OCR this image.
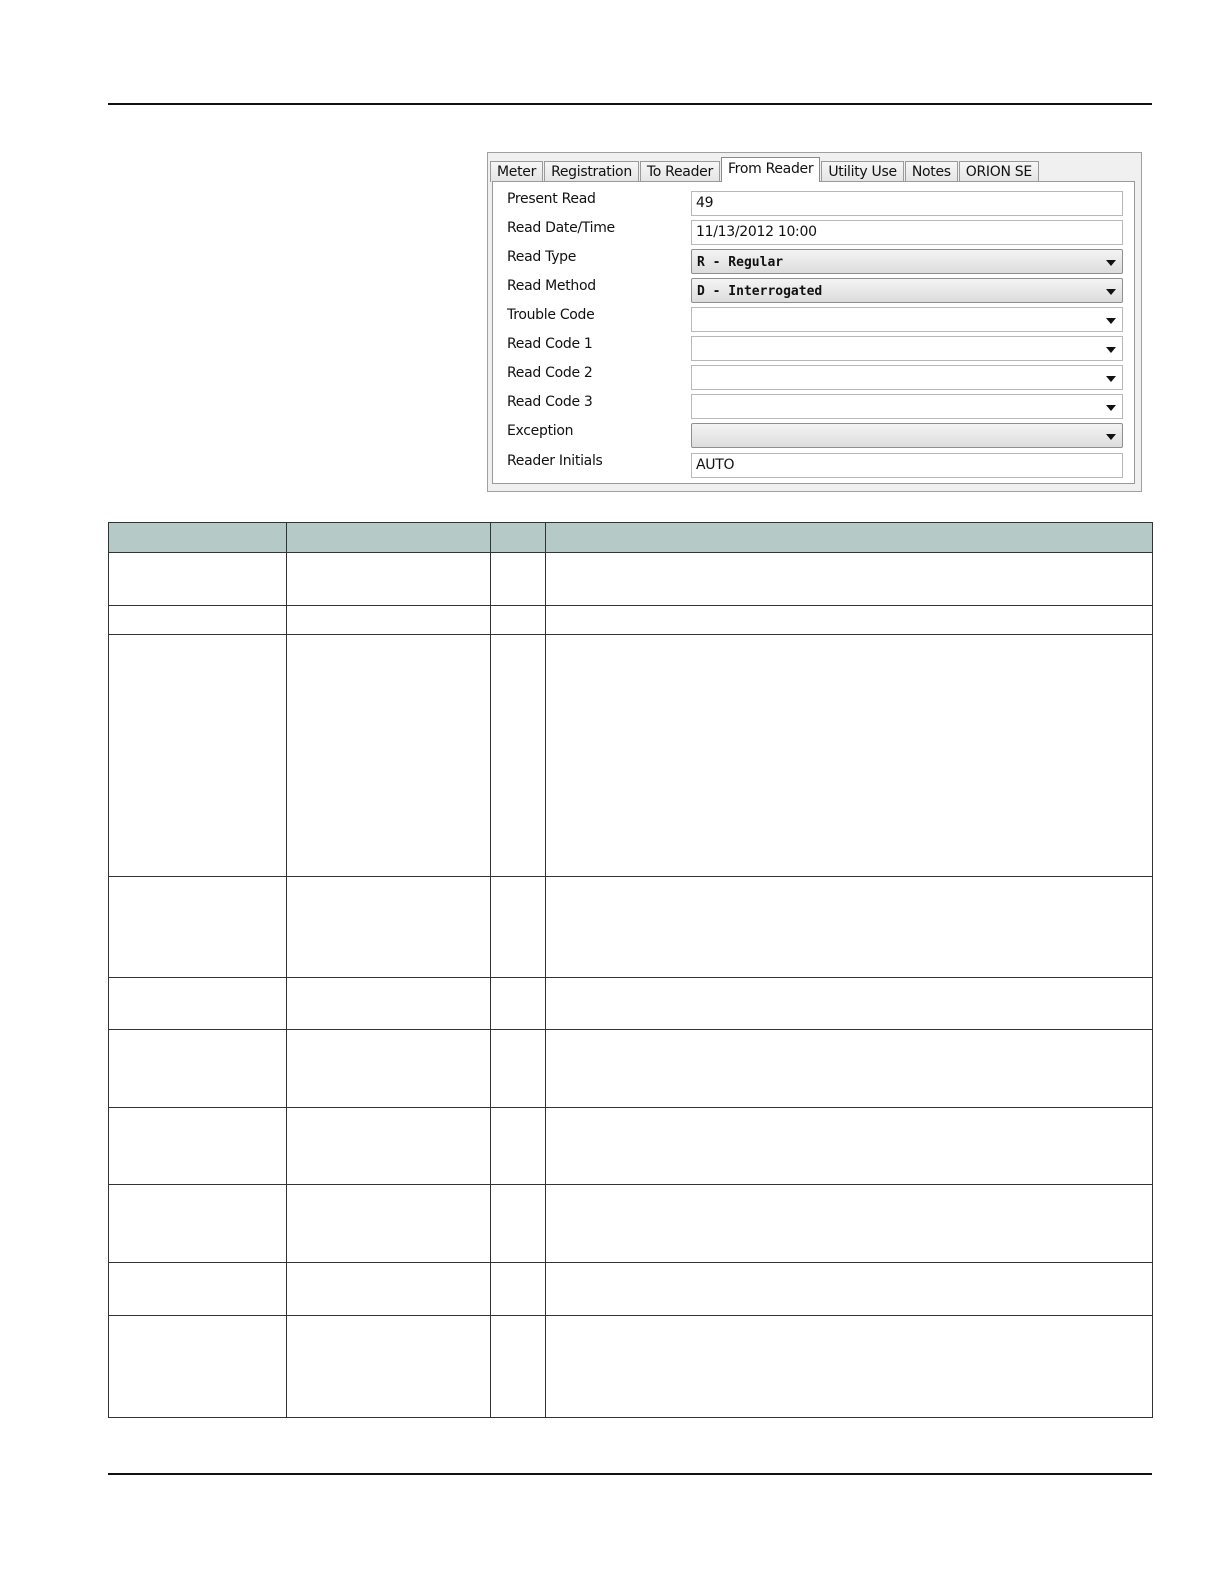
Meter	Registration	To Reader	From Reader	Utility Use	Notes	ORION SE
Present Read	49
Read Date/Time	11/13/2012 10:00
Read Type	R - Regular
Read Method	D - Interrogated
Trouble Code
Read Code 1
Read Code 2
Read Code 3
Exception
Reader Initials	AUTO
